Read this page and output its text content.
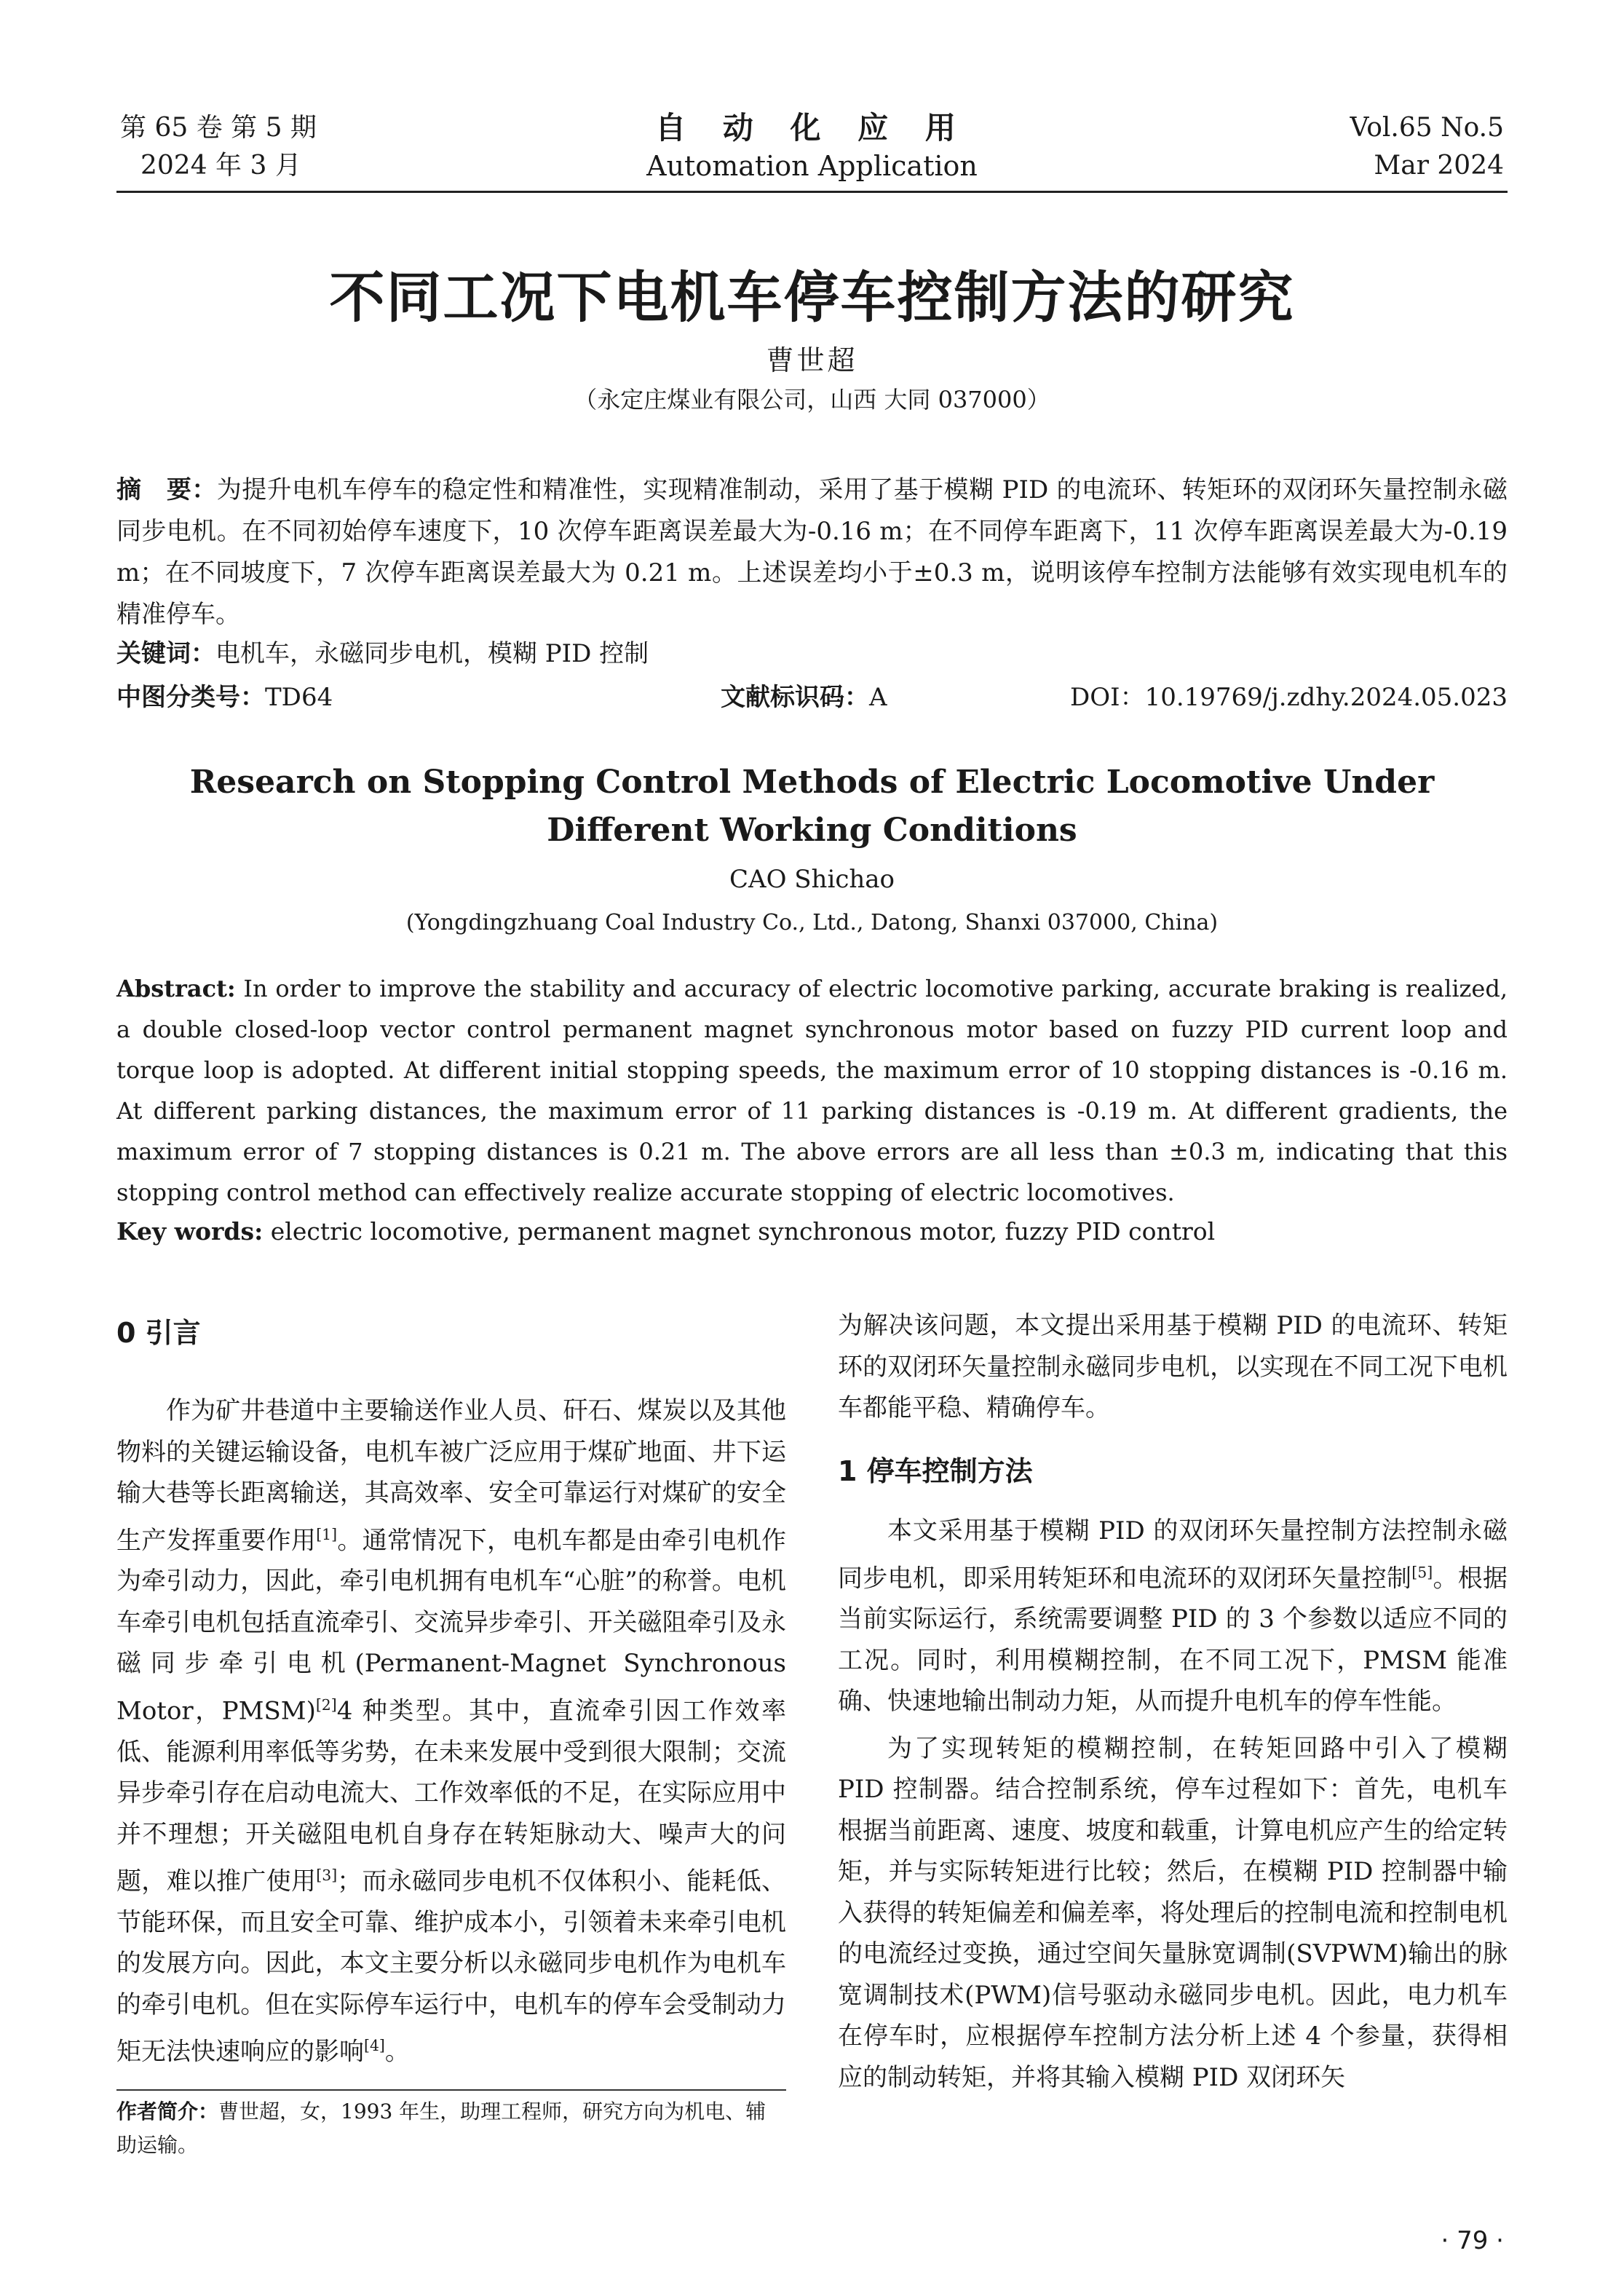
第 65 卷 第 5 期
2024 年 3 月
自 动 化 应 用
Automation Application
Vol.65 No.5
Mar 2024
不同工况下电机车停车控制方法的研究
曹世超
（永定庄煤业有限公司，山西 大同 037000）
摘　要：为提升电机车停车的稳定性和精准性，实现精准制动，采用了基于模糊 PID 的电流环、转矩环的双闭环矢量控制永磁同步电机。在不同初始停车速度下，10 次停车距离误差最大为-0.16 m；在不同停车距离下，11 次停车距离误差最大为-0.19 m；在不同坡度下，7 次停车距离误差最大为 0.21 m。上述误差均小于±0.3 m，说明该停车控制方法能够有效实现电机车的精准停车。
关键词：电机车，永磁同步电机，模糊 PID 控制
中图分类号：TD64	文献标识码：A	DOI：10.19769/j.zdhy.2024.05.023
Research on Stopping Control Methods of Electric Locomotive Under
Different Working Conditions
CAO Shichao
(Yongdingzhuang Coal Industry Co., Ltd., Datong, Shanxi 037000, China)
Abstract: In order to improve the stability and accuracy of electric locomotive parking, accurate braking is realized, a double closed-loop vector control permanent magnet synchronous motor based on fuzzy PID current loop and torque loop is adopted. At different initial stopping speeds, the maximum error of 10 stopping distances is -0.16 m. At different parking distances, the maximum error of 11 parking distances is -0.19 m. At different gradients, the maximum error of 7 stopping distances is 0.21 m. The above errors are all less than ±0.3 m, indicating that this stopping control method can effectively realize accurate stopping of electric locomotives.
Key words: electric locomotive, permanent magnet synchronous motor, fuzzy PID control
0 引言

作为矿井巷道中主要输送作业人员、矸石、煤炭以及其他物料的关键运输设备，电机车被广泛应用于煤矿地面、井下运输大巷等长距离输送，其高效率、安全可靠运行对煤矿的安全生产发挥重要作用[1]。通常情况下，电机车都是由牵引电机作为牵引动力，因此，牵引电机拥有电机车“心脏”的称誉。电机车牵引电机包括直流牵引、交流异步牵引、开关磁阻牵引及永磁同步牵引电机(Permanent-Magnet Synchronous Motor，PMSM)[2]4 种类型。其中，直流牵引因工作效率低、能源利用率低等劣势，在未来发展中受到很大限制；交流异步牵引存在启动电流大、工作效率低的不足，在实际应用中并不理想；开关磁阻电机自身存在转矩脉动大、噪声大的问题，难以推广使用[3]；而永磁同步电机不仅体积小、能耗低、节能环保，而且安全可靠、维护成本小，引领着未来牵引电机的发展方向。因此，本文主要分析以永磁同步电机作为电机车的牵引电机。但在实际停车运行中，电机车的停车会受制动力矩无法快速响应的影响[4]。

为解决该问题，本文提出采用基于模糊 PID 的电流环、转矩环的双闭环矢量控制永磁同步电机，以实现在不同工况下电机车都能平稳、精确停车。

1 停车控制方法

本文采用基于模糊 PID 的双闭环矢量控制方法控制永磁同步电机，即采用转矩环和电流环的双闭环矢量控制[5]。根据当前实际运行，系统需要调整 PID 的 3 个参数以适应不同的工况。同时，利用模糊控制，在不同工况下，PMSM 能准确、快速地输出制动力矩，从而提升电机车的停车性能。

为了实现转矩的模糊控制，在转矩回路中引入了模糊 PID 控制器。结合控制系统，停车过程如下：首先，电机车根据当前距离、速度、坡度和载重，计算电机应产生的给定转矩，并与实际转矩进行比较；然后，在模糊 PID 控制器中输入获得的转矩偏差和偏差率，将处理后的控制电流和控制电机的电流经过变换，通过空间矢量脉宽调制(SVPWM)输出的脉宽调制技术(PWM)信号驱动永磁同步电机。因此，电力机车在停车时，应根据停车控制方法分析上述 4 个参量，获得相应的制动转矩，并将其输入模糊 PID 双闭环矢

作者简介：曹世超，女，1993 年生，助理工程师，研究方向为机电、辅助运输。
· 79 ·
